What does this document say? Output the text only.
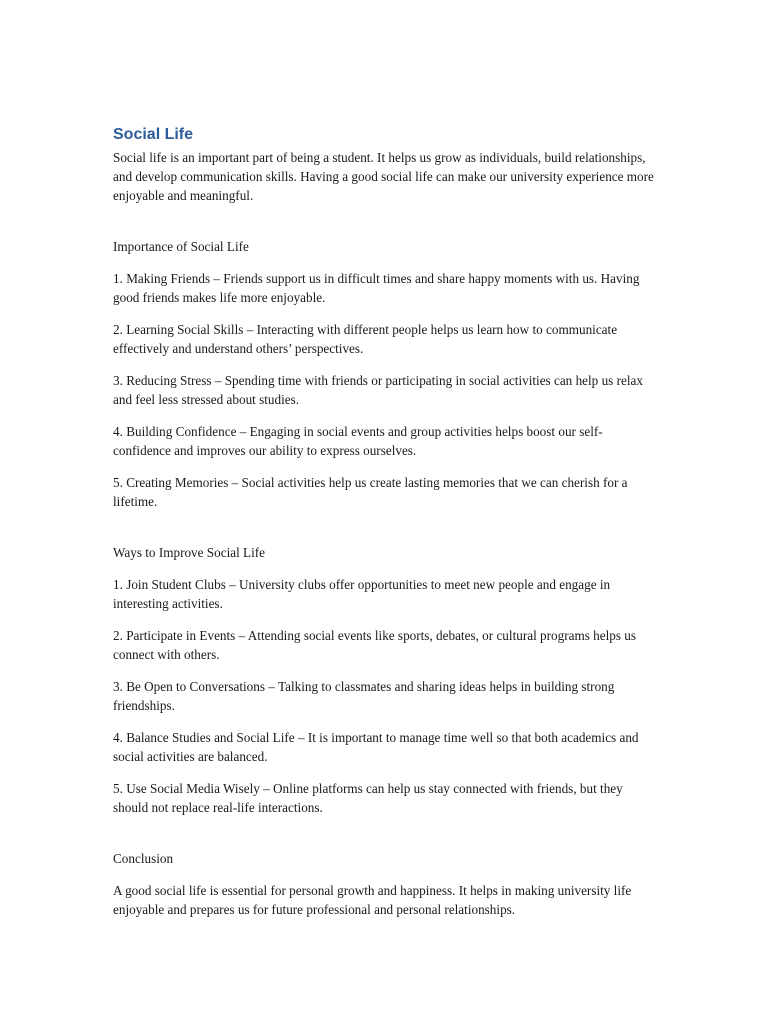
Social Life

Social life is an important part of being a student. It helps us grow as individuals, build relationships, and develop communication skills. Having a good social life can make our university experience more enjoyable and meaningful.

Importance of Social Life

1. Making Friends – Friends support us in difficult times and share happy moments with us. Having good friends makes life more enjoyable.

2. Learning Social Skills – Interacting with different people helps us learn how to communicate effectively and understand others’ perspectives.

3. Reducing Stress – Spending time with friends or participating in social activities can help us relax and feel less stressed about studies.

4. Building Confidence – Engaging in social events and group activities helps boost our self-confidence and improves our ability to express ourselves.

5. Creating Memories – Social activities help us create lasting memories that we can cherish for a lifetime.

Ways to Improve Social Life

1. Join Student Clubs – University clubs offer opportunities to meet new people and engage in interesting activities.

2. Participate in Events – Attending social events like sports, debates, or cultural programs helps us connect with others.

3. Be Open to Conversations – Talking to classmates and sharing ideas helps in building strong friendships.

4. Balance Studies and Social Life – It is important to manage time well so that both academics and social activities are balanced.

5. Use Social Media Wisely – Online platforms can help us stay connected with friends, but they should not replace real-life interactions.

Conclusion

A good social life is essential for personal growth and happiness. It helps in making university life enjoyable and prepares us for future professional and personal relationships.
